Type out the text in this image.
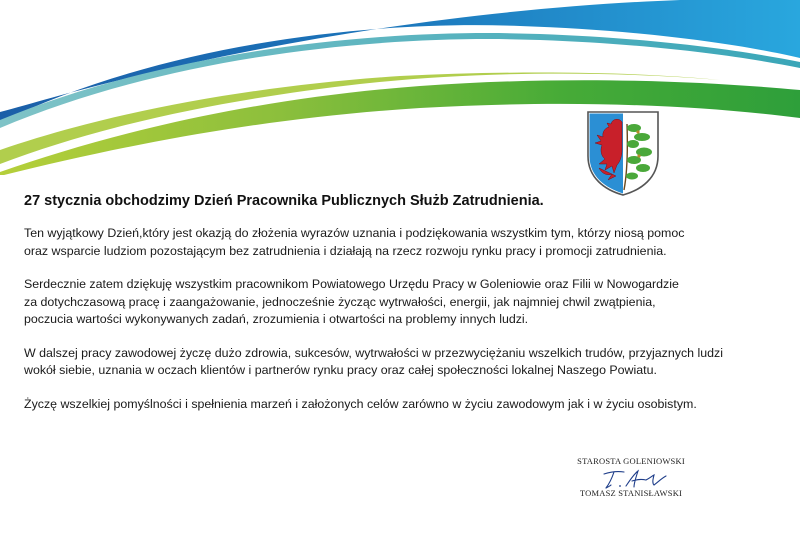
27 stycznia obchodzimy Dzień Pracownika Publicznych Służb Zatrudnienia.
Ten wyjątkowy Dzień,który jest okazją do złożenia wyrazów uznania i podziękowania wszystkim tym, którzy niosą pomoc
oraz wsparcie ludziom pozostającym bez zatrudnienia i działają na rzecz rozwoju rynku pracy i promocji zatrudnienia.
Serdecznie zatem dziękuję wszystkim pracownikom Powiatowego Urzędu Pracy w Goleniowie oraz Filii w Nowogardzie
za dotychczasową pracę i zaangażowanie, jednocześnie życząc wytrwałości, energii, jak najmniej chwil zwątpienia,
poczucia wartości wykonywanych zadań, zrozumienia i otwartości na problemy innych ludzi.
W dalszej pracy zawodowej życzę dużo zdrowia, sukcesów, wytrwałości w przezwyciężaniu wszelkich trudów, przyjaznych ludzi
wokół siebie, uznania w oczach klientów i partnerów rynku pracy oraz całej społeczności lokalnej Naszego Powiatu.
Życzę wszelkiej pomyślności i spełnienia marzeń i założonych celów zarówno w życiu zawodowym jak i w życiu osobistym.
STAROSTA GOLENIOWSKI
TOMASZ STANISŁAWSKI
